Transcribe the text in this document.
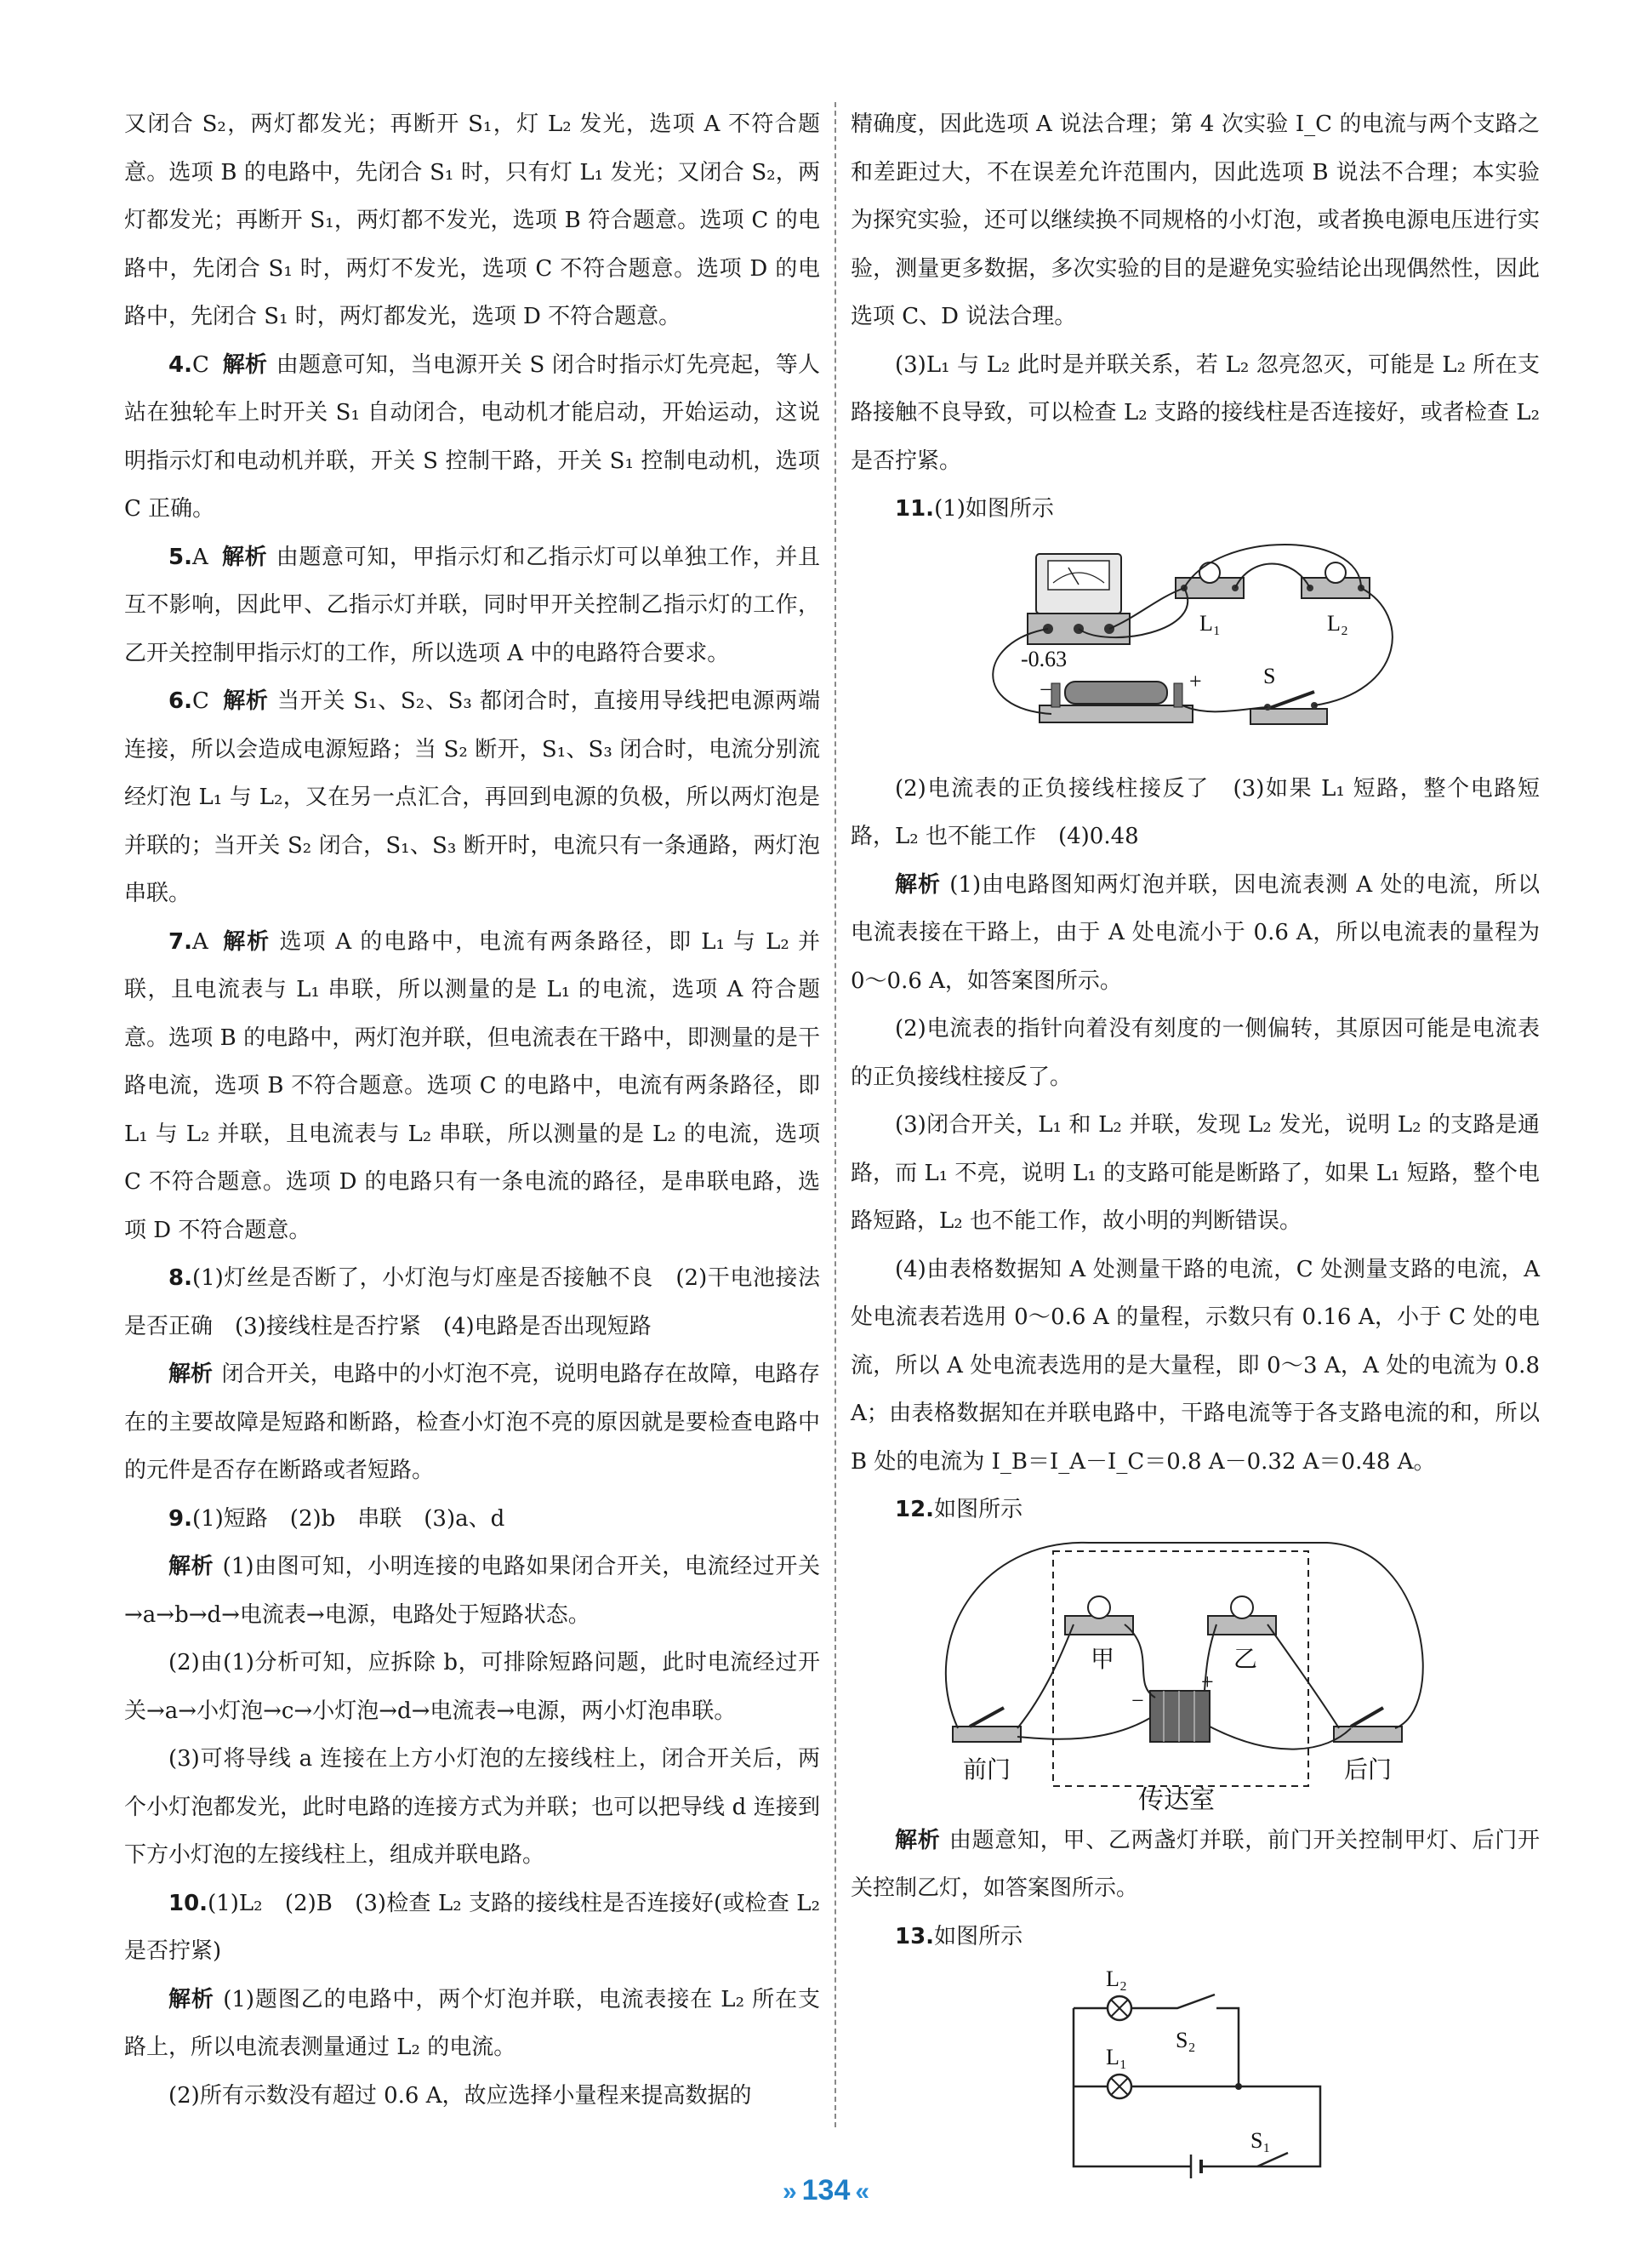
又闭合 S₂，两灯都发光；再断开 S₁，灯 L₂ 发光，选项 A 不符合题意。选项 B 的电路中，先闭合 S₁ 时，只有灯 L₁ 发光；又闭合 S₂，两灯都发光；再断开 S₁，两灯都不发光，选项 B 符合题意。选项 C 的电路中，先闭合 S₁ 时，两灯不发光，选项 C 不符合题意。选项 D 的电路中，先闭合 S₁ 时，两灯都发光，选项 D 不符合题意。

4.C 解析 由题意可知，当电源开关 S 闭合时指示灯先亮起，等人站在独轮车上时开关 S₁ 自动闭合，电动机才能启动，开始运动，这说明指示灯和电动机并联，开关 S 控制干路，开关 S₁ 控制电动机，选项 C 正确。

5.A 解析 由题意可知，甲指示灯和乙指示灯可以单独工作，并且互不影响，因此甲、乙指示灯并联，同时甲开关控制乙指示灯的工作，乙开关控制甲指示灯的工作，所以选项 A 中的电路符合要求。

6.C 解析 当开关 S₁、S₂、S₃ 都闭合时，直接用导线把电源两端连接，所以会造成电源短路；当 S₂ 断开，S₁、S₃ 闭合时，电流分别流经灯泡 L₁ 与 L₂，又在另一点汇合，再回到电源的负极，所以两灯泡是并联的；当开关 S₂ 闭合，S₁、S₃ 断开时，电流只有一条通路，两灯泡串联。

7.A 解析 选项 A 的电路中，电流有两条路径，即 L₁ 与 L₂ 并联，且电流表与 L₁ 串联，所以测量的是 L₁ 的电流，选项 A 符合题意。选项 B 的电路中，两灯泡并联，但电流表在干路中，即测量的是干路电流，选项 B 不符合题意。选项 C 的电路中，电流有两条路径，即 L₁ 与 L₂ 并联，且电流表与 L₂ 串联，所以测量的是 L₂ 的电流，选项 C 不符合题意。选项 D 的电路只有一条电流的路径，是串联电路，选项 D 不符合题意。

8.(1)灯丝是否断了，小灯泡与灯座是否接触不良　(2)干电池接法是否正确　(3)接线柱是否拧紧　(4)电路是否出现短路

解析 闭合开关，电路中的小灯泡不亮，说明电路存在故障，电路存在的主要故障是短路和断路，检查小灯泡不亮的原因就是要检查电路中的元件是否存在断路或者短路。

9.(1)短路　(2)b　串联　(3)a、d

解析 (1)由图可知，小明连接的电路如果闭合开关，电流经过开关→a→b→d→电流表→电源，电路处于短路状态。

(2)由(1)分析可知，应拆除 b，可排除短路问题，此时电流经过开关→a→小灯泡→c→小灯泡→d→电流表→电源，两小灯泡串联。

(3)可将导线 a 连接在上方小灯泡的左接线柱上，闭合开关后，两个小灯泡都发光，此时电路的连接方式为并联；也可以把导线 d 连接到下方小灯泡的左接线柱上，组成并联电路。

10.(1)L₂　(2)B　(3)检查 L₂ 支路的接线柱是否连接好(或检查 L₂ 是否拧紧)

解析 (1)题图乙的电路中，两个灯泡并联，电流表接在 L₂ 所在支路上，所以电流表测量通过 L₂ 的电流。

(2)所有示数没有超过 0.6 A，故应选择小量程来提高数据的

精确度，因此选项 A 说法合理；第 4 次实验 I_C 的电流与两个支路之和差距过大，不在误差允许范围内，因此选项 B 说法不合理；本实验为探究实验，还可以继续换不同规格的小灯泡，或者换电源电压进行实验，测量更多数据，多次实验的目的是避免实验结论出现偶然性，因此选项 C、D 说法合理。

(3)L₁ 与 L₂ 此时是并联关系，若 L₂ 忽亮忽灭，可能是 L₂ 所在支路接触不良导致，可以检查 L₂ 支路的接线柱是否连接好，或者检查 L₂ 是否拧紧。

11.(1)如图所示

-0.63
L₁	L₂
−	+	S

(2)电流表的正负接线柱接反了　(3)如果 L₁ 短路，整个电路短路，L₂ 也不能工作　(4)0.48

解析 (1)由电路图知两灯泡并联，因电流表测 A 处的电流，所以电流表接在干路上，由于 A 处电流小于 0.6 A，所以电流表的量程为 0～0.6 A，如答案图所示。

(2)电流表的指针向着没有刻度的一侧偏转，其原因可能是电流表的正负接线柱接反了。

(3)闭合开关，L₁ 和 L₂ 并联，发现 L₂ 发光，说明 L₂ 的支路是通路，而 L₁ 不亮，说明 L₁ 的支路可能是断路了，如果 L₁ 短路，整个电路短路，L₂ 也不能工作，故小明的判断错误。

(4)由表格数据知 A 处测量干路的电流，C 处测量支路的电流，A 处电流表若选用 0～0.6 A 的量程，示数只有 0.16 A，小于 C 处的电流，所以 A 处电流表选用的是大量程，即 0～3 A，A 处的电流为 0.8 A；由表格数据知在并联电路中，干路电流等于各支路电流的和，所以 B 处的电流为 I_B＝I_A－I_C＝0.8 A－0.32 A＝0.48 A。

12.如图所示

甲	乙
−
+
前门	后门
传达室

解析 由题意知，甲、乙两盏灯并联，前门开关控制甲灯、后门开关控制乙灯，如答案图所示。

13.如图所示

L₂
L₁
S₂
S₁
» 134 «
